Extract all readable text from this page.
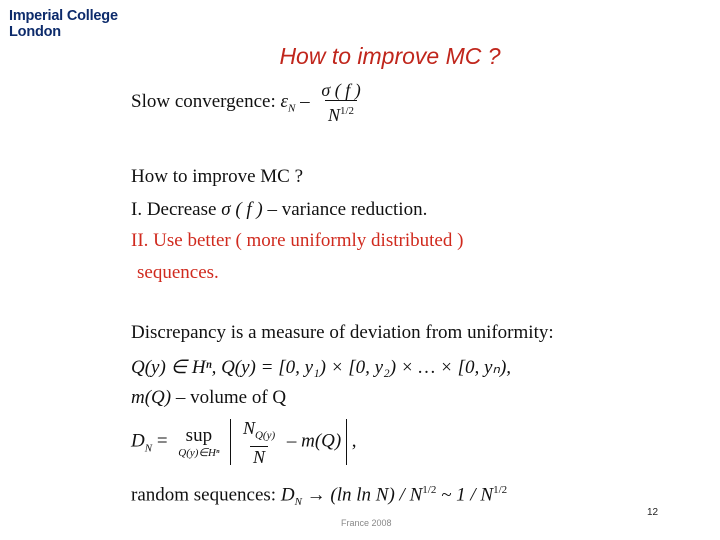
Imperial College
London
How to improve MC ?
Slow convergence: $\varepsilon_N - \frac{\sigma ( f )}{N^{1/2}}$
How to improve MC ?
I. Decrease σ ( f ) – variance reduction.
II. Use better ( more uniformly distributed )
sequences.
Discrepancy is a measure of deviation from uniformity:
Q(y) ∈ Hⁿ, Q(y) = [0, y₁) × [0, y₂) × … × [0, yₙ),
m(Q) – volume of Q
$D_N$ = sup
Q(y)∈Hⁿ
$\frac{N_{Q(y)}}{N} - m(Q)$ ,
random sequences: $D_N \to (\ln$ $\ln N) / N^{1/2}$ ~ $1 / N^{1/2}$
12
France 2008
